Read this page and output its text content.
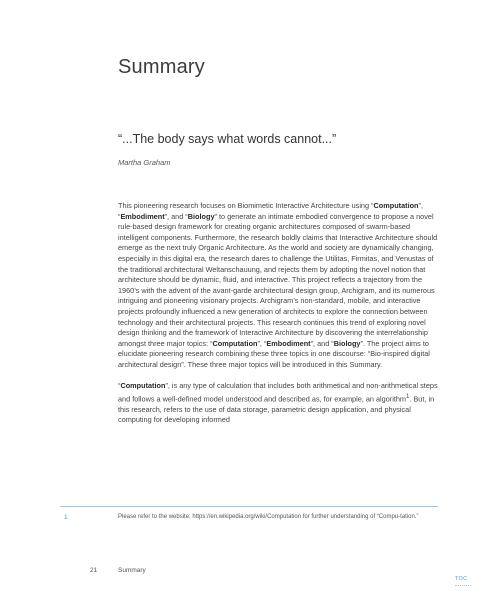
Summary

“...The body says what words cannot...”

Martha Graham

This pioneering research focuses on Biomimetic Interactive Architecture using “Computation”, “Embodiment”, and “Biology” to generate an intimate embodied convergence to propose a novel rule-based design framework for creating organic architectures composed of swarm-based intelligent components. Furthermore, the research boldly claims that Interactive Architecture should emerge as the next truly Organic Architecture. As the world and society are dynamically changing, especially in this digital era, the research dares to challenge the Utilitas, Firmitas, and Venustas of the traditional architectural Weltanschauung, and rejects them by adopting the novel notion that architecture should be dynamic, fluid, and interactive. This project reflects a trajectory from the 1960’s with the advent of the avant-garde architectural design group, Archigram, and its numerous intriguing and pioneering visionary projects. Archigram’s non-standard, mobile, and interactive projects profoundly influenced a new generation of architects to explore the connection between technology and their architectural projects. This research continues this trend of exploring novel design thinking and the framework of Interactive Architecture by discovering the interrelationship amongst three major topics: “Computation”, “Embodiment”, and “Biology”. The project aims to elucidate pioneering research combining these three topics in one discourse: “Bio-inspired digital architectural design”. These three major topics will be introduced in this Summary.

“Computation”, is any type of calculation that includes both arithmetical and non-arithmetical steps and follows a well-defined model understood and described as, for example, an algorithm$^1$. But, in this research, refers to the use of data storage, parametric design application, and physical computing for developing informed

1	Please refer to the website: https://en.wikipedia.org/wiki/Computation for further understanding of “Compu-tation.”
21	Summary
TOC
